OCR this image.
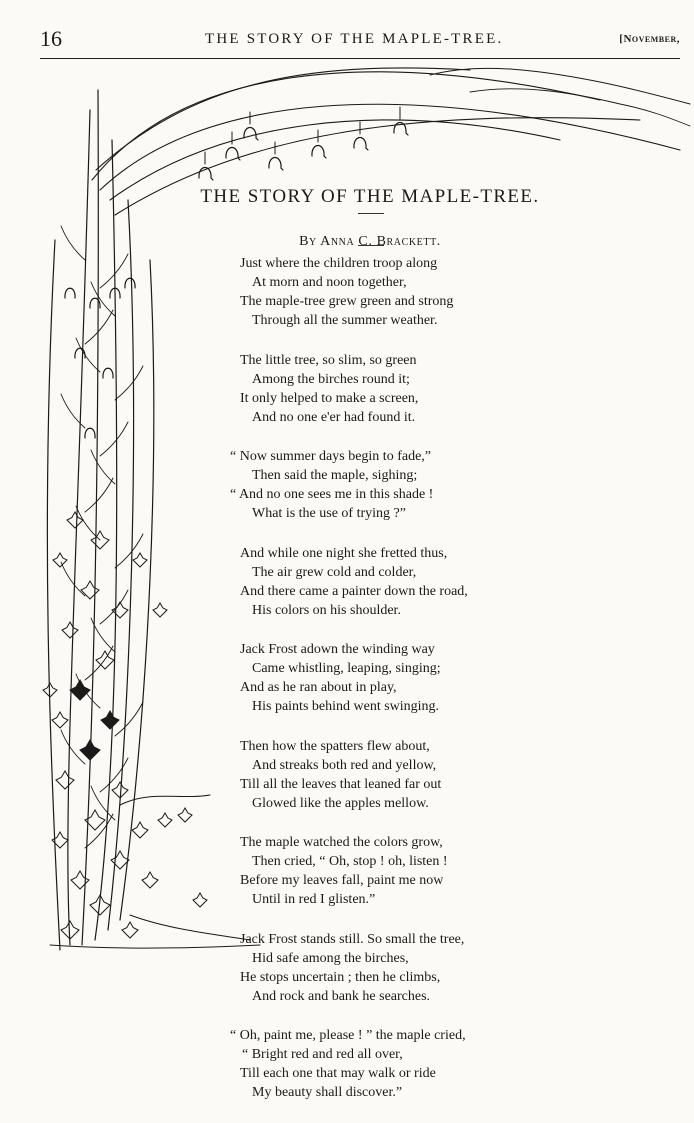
16	THE STORY OF THE MAPLE-TREE.	[November,
THE STORY OF THE MAPLE-TREE.
By Anna C. Brackett.
Just where the children troop along
At morn and noon together,
The maple-tree grew green and strong
Through all the summer weather.
The little tree, so slim, so green
Among the birches round it;
It only helped to make a screen,
And no one e'er had found it.
“ Now summer days begin to fade,”
Then said the maple, sighing;
“ And no one sees me in this shade !
What is the use of trying ?”
And while one night she fretted thus,
The air grew cold and colder,
And there came a painter down the road,
His colors on his shoulder.
Jack Frost adown the winding way
Came whistling, leaping, singing;
And as he ran about in play,
His paints behind went swinging.
Then how the spatters flew about,
And streaks both red and yellow,
Till all the leaves that leaned far out
Glowed like the apples mellow.
The maple watched the colors grow,
Then cried, “ Oh, stop ! oh, listen !
Before my leaves fall, paint me now
Until in red I glisten.”
Jack Frost stands still. So small the tree,
Hid safe among the birches,
He stops uncertain ; then he climbs,
And rock and bank he searches.
“ Oh, paint me, please ! ” the maple cried,
“ Bright red and red all over,
Till each one that may walk or ride
My beauty shall discover.”
